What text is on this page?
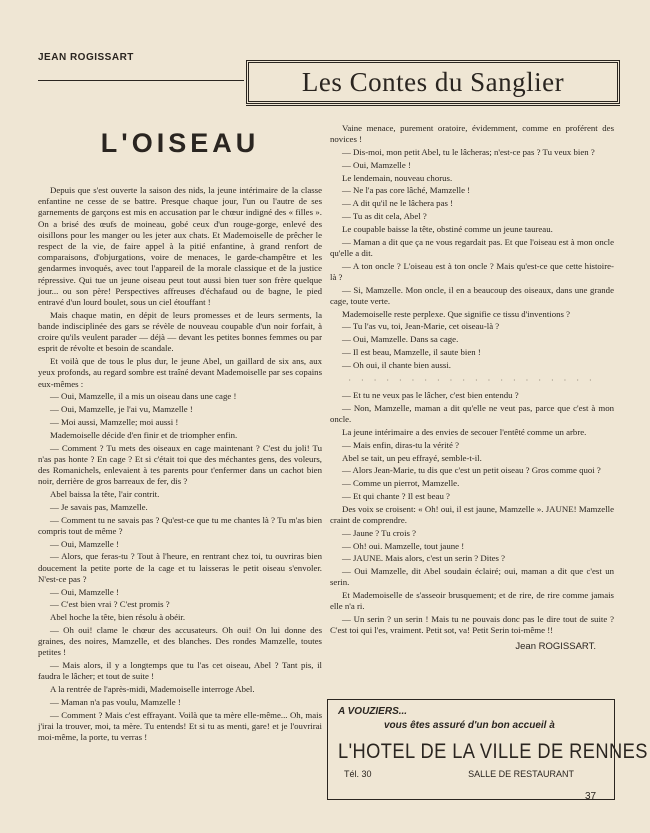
JEAN ROGISSART
Les Contes du Sanglier
L'OISEAU

Depuis que s'est ouverte la saison des nids, la jeune intérimaire de la classe enfantine ne cesse de se battre. Presque chaque jour, l'un ou l'autre de ses garnements de garçons est mis en accusation par le chœur indigné des « filles ». On a brisé des œufs de moineau, gobé ceux d'un rouge-gorge, enlevé des oisillons pour les manger ou les jeter aux chats. Et Mademoiselle de prêcher le respect de la vie, de faire appel à la pitié enfantine, à grand renfort de comparaisons, d'objurgations, voire de menaces, le garde-champêtre et les gendarmes invoqués, avec tout l'appareil de la morale classique et de la justice répressive. Qui tue un jeune oiseau peut tout aussi bien tuer son frère quelque jour... ou son père! Perspectives affreuses d'échafaud ou de bagne, le pied entravé d'un lourd boulet, sous un ciel étouffant !

Mais chaque matin, en dépit de leurs promesses et de leurs serments, la bande indisciplinée des gars se révèle de nouveau coupable d'un noir forfait, à croire qu'ils veulent parader — déjà — devant les petites bonnes femmes ou par esprit de révolte et besoin de scandale.

Et voilà que de tous le plus dur, le jeune Abel, un gaillard de six ans, aux yeux profonds, au regard sombre est traîné devant Mademoiselle par ses copains eux-mêmes :

— Oui, Mamzelle, il a mis un oiseau dans une cage !

— Oui, Mamzelle, je l'ai vu, Mamzelle !

— Moi aussi, Mamzelle; moi aussi !

Mademoiselle décide d'en finir et de triompher enfin.

— Comment ? Tu mets des oiseaux en cage maintenant ? C'est du joli! Tu n'as pas honte ? En cage ? Et si c'était toi que des méchantes gens, des voleurs, des Romanichels, enlevaient à tes parents pour t'enfermer dans un cachot bien noir, derrière de gros barreaux de fer, dis ?

Abel baissa la tête, l'air contrit.

— Je savais pas, Mamzelle.

— Comment tu ne savais pas ? Qu'est-ce que tu me chantes là ? Tu m'as bien compris tout de même ?

— Oui, Mamzelle !

— Alors, que feras-tu ? Tout à l'heure, en rentrant chez toi, tu ouvriras bien doucement la petite porte de la cage et tu laisseras le petit oiseau s'envoler. N'est-ce pas ?

— Oui, Mamzelle !

— C'est bien vrai ? C'est promis ?

Abel hoche la tête, bien résolu à obéir.

— Oh oui! clame le chœur des accusateurs. Oh oui! On lui donne des graines, des noires, Mamzelle, et des blanches. Des rondes Mamzelle, toutes petites !

— Mais alors, il y a longtemps que tu l'as cet oiseau, Abel ? Tant pis, il faudra le lâcher; et tout de suite !

A la rentrée de l'après-midi, Mademoiselle interroge Abel.

— Maman n'a pas voulu, Mamzelle !

— Comment ? Mais c'est effrayant. Voilà que ta mère elle-même... Oh, mais j'irai la trouver, moi, ta mère. Tu entends! Et si tu as menti, gare! et je l'ouvrirai moi-même, la porte, tu verras !

Vaine menace, purement oratoire, évidemment, comme en proférent des novices !

— Dis-moi, mon petit Abel, tu le lâcheras; n'est-ce pas ? Tu veux bien ?

— Oui, Mamzelle !

Le lendemain, nouveau chorus.

— Ne l'a pas core lâché, Mamzelle !

— A dit qu'il ne le lâchera pas !

— Tu as dit cela, Abel ?

Le coupable baisse la tête, obstiné comme un jeune taureau.

— Maman a dit que ça ne vous regardait pas. Et que l'oiseau est à mon oncle qu'elle a dit.

— A ton oncle ? L'oiseau est à ton oncle ? Mais qu'est-ce que cette histoire-là ?

— Si, Mamzelle. Mon oncle, il en a beaucoup des oiseaux, dans une grande cage, toute verte.

Mademoiselle reste perplexe. Que signifie ce tissu d'inventions ?

— Tu l'as vu, toi, Jean-Marie, cet oiseau-là ?

— Oui, Mamzelle. Dans sa cage.

— Il est beau, Mamzelle, il saute bien !

— Oh oui, il chante bien aussi.

· · · · · · · · · · · · · · · · · · · ·

— Et tu ne veux pas le lâcher, c'est bien entendu ?

— Non, Mamzelle, maman a dit qu'elle ne veut pas, parce que c'est à mon oncle.

La jeune intérimaire a des envies de secouer l'entêté comme un arbre.

— Mais enfin, diras-tu la vérité ?

Abel se tait, un peu effrayé, semble-t-il.

— Alors Jean-Marie, tu dis que c'est un petit oiseau ? Gros comme quoi ?

— Comme un pierrot, Mamzelle.

— Et qui chante ? Il est beau ?

Des voix se croisent: « Oh! oui, il est jaune, Mamzelle ». JAUNE! Mamzelle craint de comprendre.

— Jaune ? Tu crois ?

— Oh! oui. Mamzelle, tout jaune !

— JAUNE. Mais alors, c'est un serin ? Dites ?

— Oui Mamzelle, dit Abel soudain éclairé; oui, maman a dit que c'est un serin.

Et Mademoiselle de s'asseoir brusquement; et de rire, de rire comme jamais elle n'a ri.

— Un serin ? un serin ! Mais tu ne pouvais donc pas le dire tout de suite ? C'est toi qui l'es, vraiment. Petit sot, va! Petit Serin toi-même !!

Jean ROGISSART.
A VOUZIERS...
vous êtes assuré d'un bon accueil à
L'HOTEL DE LA VILLE DE RENNES
Tél. 30	SALLE DE RESTAURANT
37
